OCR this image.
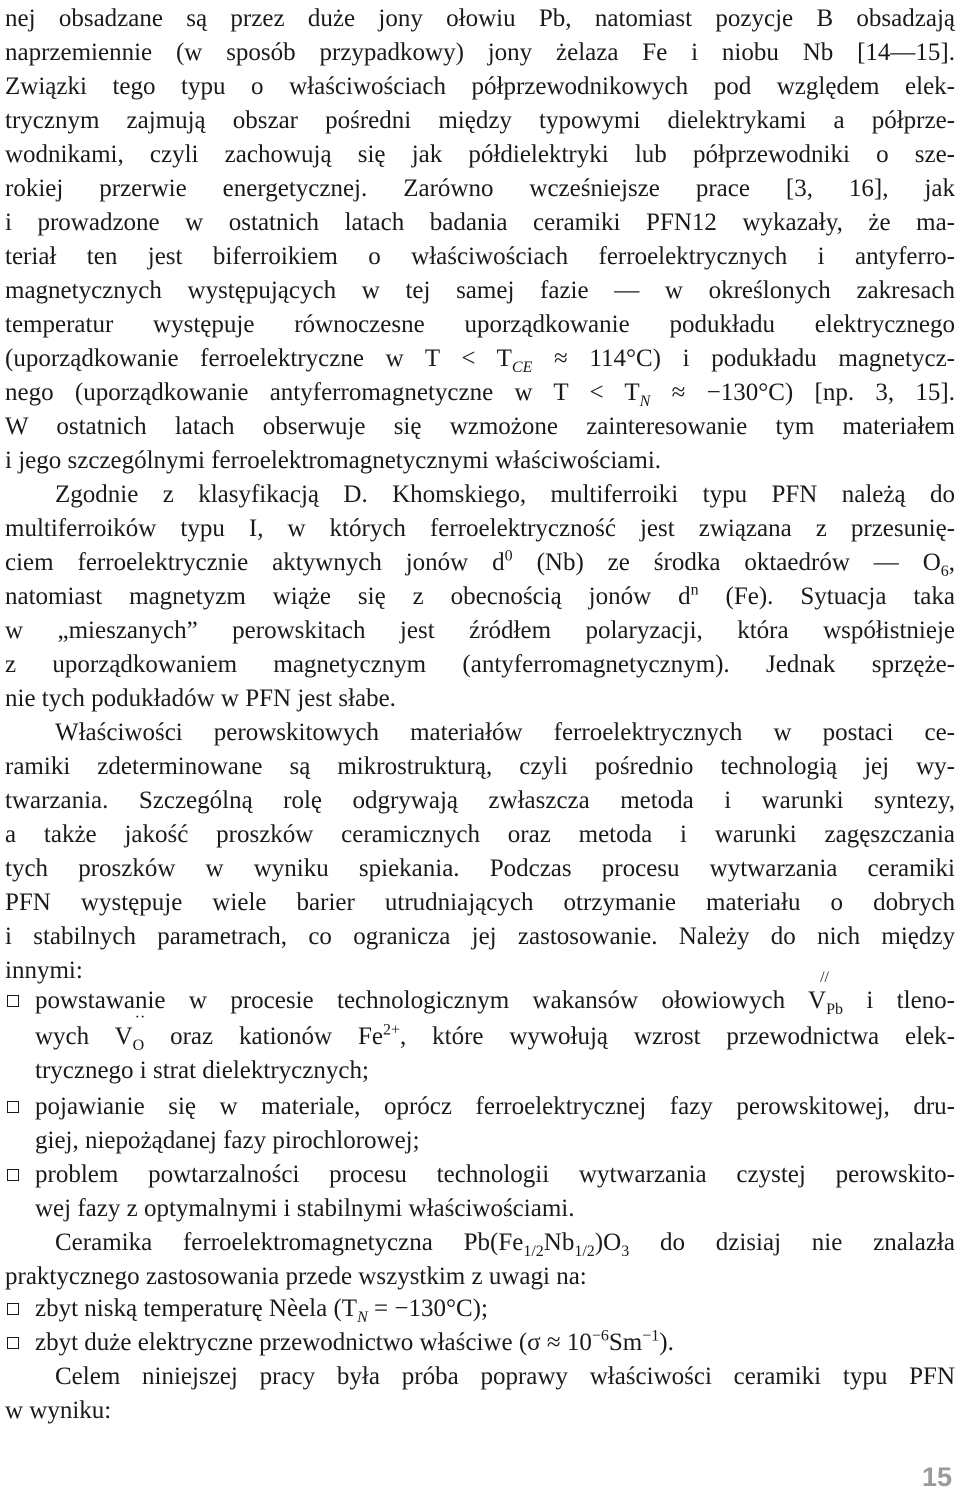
nej obsadzane są przez duże jony ołowiu Pb, natomiast pozycje B obsadzają
naprzemiennie (w sposób przypadkowy) jony żelaza Fe i niobu Nb [14—15].
Związki tego typu o właściwościach półprzewodnikowych pod względem elek-
trycznym zajmują obszar pośredni między typowymi dielektrykami a półprze-
wodnikami, czyli zachowują się jak półdielektryki lub półprzewodniki o sze-
rokiej przerwie energetycznej. Zarówno wcześniejsze prace [3, 16], jak
i prowadzone w ostatnich latach badania ceramiki PFN12 wykazały, że ma-
teriał ten jest biferroikiem o właściwościach ferroelektrycznych i antyferro-
magnetycznych występujących w tej samej fazie — w określonych zakresach
temperatur występuje równoczesne uporządkowanie podukładu elektrycznego
(uporządkowanie ferroelektryczne w $T < T_{CE} \approx 114^\circ C$) i podukładu magnetycz-
nego (uporządkowanie antyferromagnetyczne w $T < T_N \approx -130^\circ C$) [np. 3, 15].
W ostatnich latach obserwuje się wzmożone zainteresowanie tym materiałem
i jego szczególnymi ferroelektromagnetycznymi właściwościami.
Zgodnie z klasyfikacją D. Khomskiego, multiferroiki typu PFN należą do
multiferroików typu I, w których ferroelektryczność jest związana z przesunię-
ciem ferroelektrycznie aktywnych jonów $d^0$ (Nb) ze środka oktaedrów — $O_6$,
natomiast magnetyzm wiąże się z obecnością jonów $d^n$ (Fe). Sytuacja taka
w „mieszanych” perowskitach jest źródłem polaryzacji, która współistnieje
z uporządkowaniem magnetycznym (antyferromagnetycznym). Jednak sprzęże-
nie tych podukładów w PFN jest słabe.
Właściwości perowskitowych materiałów ferroelektrycznych w postaci ce-
ramiki zdeterminowane są mikrostrukturą, czyli pośrednio technologią jej wy-
twarzania. Szczególną rolę odgrywają zwłaszcza metoda i warunki syntezy,
a także jakość proszków ceramicznych oraz metoda i warunki zagęszczania
tych proszków w wyniku spiekania. Podczas procesu wytwarzania ceramiki
PFN występuje wiele barier utrudniających otrzymanie materiału o dobrych
i stabilnych parametrach, co ogranicza jej zastosowanie. Należy do nich między
innymi:
powstawanie w procesie technologicznym wakansów ołowiowych V
//
$_{Pb}$ i tleno-
wych V
··
$_O$ oraz kationów $Fe^{2+}$, które wywołują wzrost przewodnictwa elek-
trycznego i strat dielektrycznych;
pojawianie się w materiale, oprócz ferroelektrycznej fazy perowskitowej, dru-
giej, niepożądanej fazy pirochlorowej;
problem powtarzalności procesu technologii wytwarzania czystej perowskito-
wej fazy z optymalnymi i stabilnymi właściwościami.
Ceramika ferroelektromagnetyczna $Pb(Fe_{1/2}Nb_{1/2})O_3$ do dzisiaj nie znalazła
praktycznego zastosowania przede wszystkim z uwagi na:
zbyt niską temperaturę Nèela $(T_N = -130^\circ C)$;
zbyt duże elektryczne przewodnictwo właściwe $(\sigma \approx 10^{-6}Sm^{-1})$.
Celem niniejszej pracy była próba poprawy właściwości ceramiki typu PFN
w wyniku:
15
